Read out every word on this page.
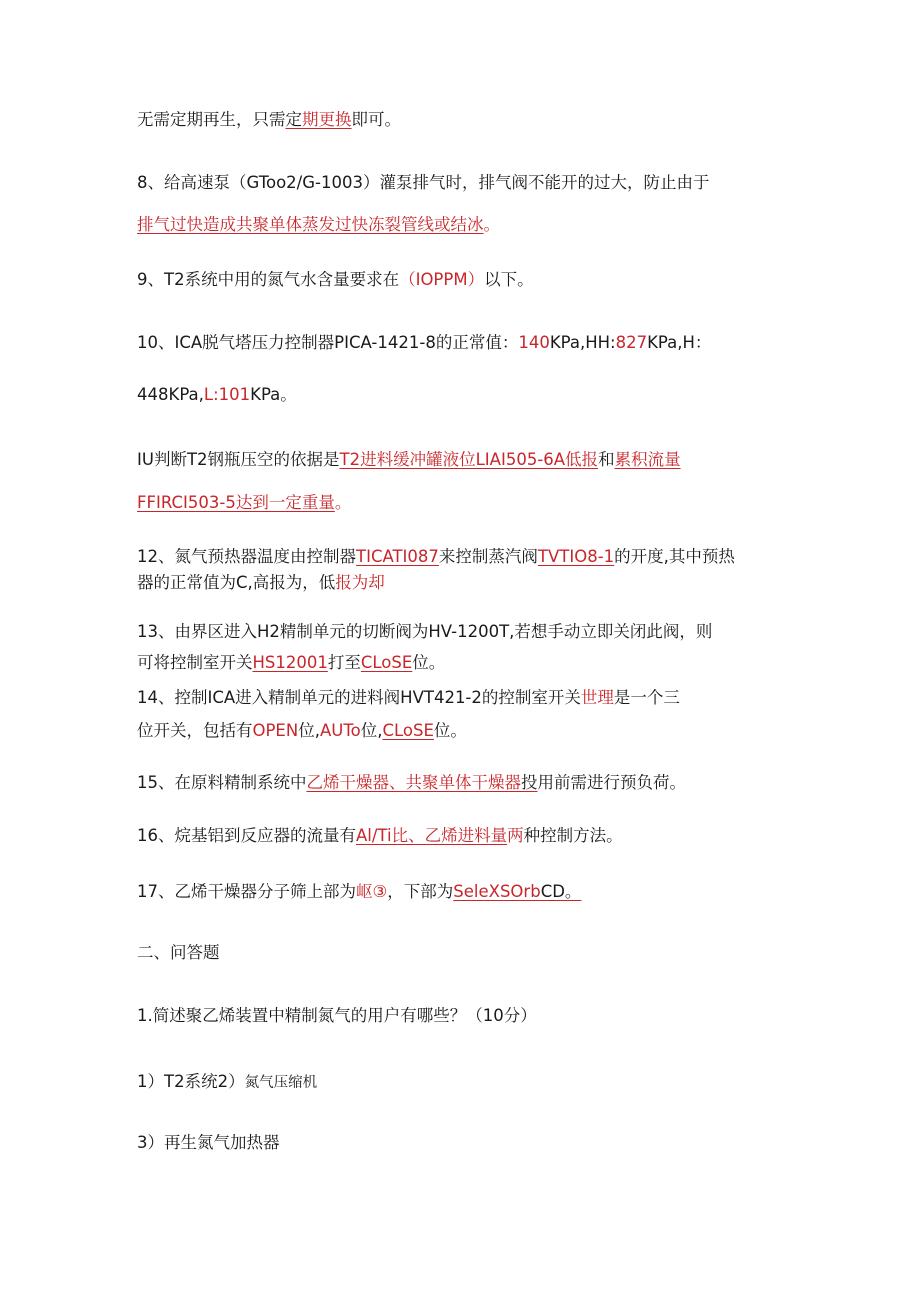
无需定期再生，只需定期更换即可。
8、给高速泵（GToo2/G-1003）灌泵排气时，排气阀不能开的过大，防止由于
排气过快造成共聚单体蒸发过快冻裂管线或结冰。
9、T2系统中用的氮气水含量要求在（IOPPM）以下。
10、ICA脱气塔压力控制器PICA-1421-8的正常值：140KPa,HH:827KPa,H：
448KPa,L:101KPa。
IU判断T2钢瓶压空的依据是T2进料缓冲罐液位LIAI505-6A低报和累积流量
FFIRCI503-5达到一定重量。
12、氮气预热器温度由控制器TICATI087来控制蒸汽阀TVTIO8-1的开度,其中预热
器的正常值为C,高报为，低报为却
13、由界区进入H2精制单元的切断阀为HV-1200T,若想手动立即关闭此阀，则
可将控制室开关HS12001打至CLoSE位。
14、控制ICA进入精制单元的进料阀HVT421-2的控制室开关世理是一个三
位开关，包括有OPEN位,AUTo位,CLoSE位。
15、在原料精制系统中乙烯干燥器、共聚单体干燥器投用前需进行预负荷。
16、烷基铝到反应器的流量有Al/Ti比、乙烯进料量两种控制方法。
17、乙烯干燥器分子筛上部为岖③，下部为SeleXSOrbCD。
二、问答题
1.简述聚乙烯装置中精制氮气的用户有哪些？（10分）
1）T2系统2）氮气压缩机
3）再生氮气加热器
